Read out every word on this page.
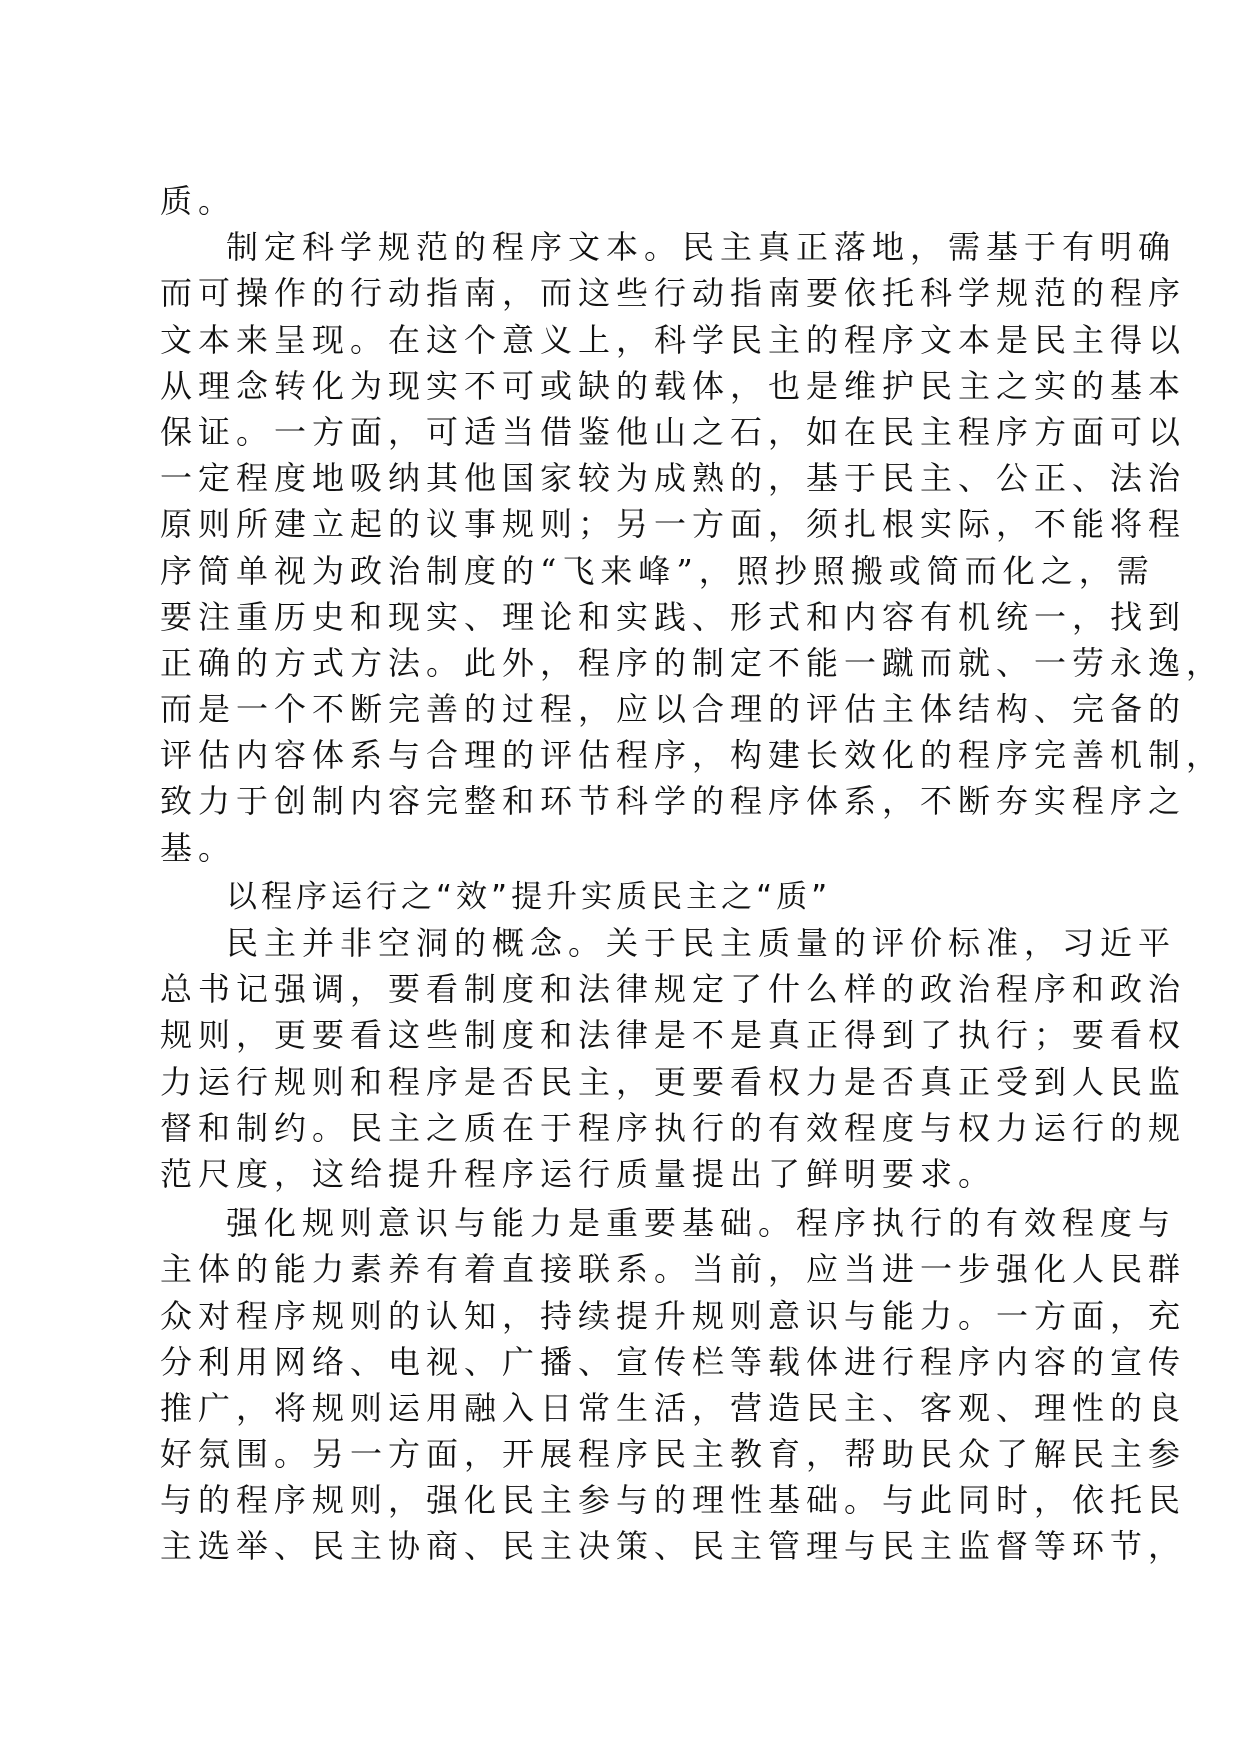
质。
制定科学规范的程序文本。民主真正落地，需基于有明确
而可操作的行动指南，而这些行动指南要依托科学规范的程序
文本来呈现。在这个意义上，科学民主的程序文本是民主得以
从理念转化为现实不可或缺的载体，也是维护民主之实的基本
保证。一方面，可适当借鉴他山之石，如在民主程序方面可以
一定程度地吸纳其他国家较为成熟的，基于民主、公正、法治
原则所建立起的议事规则；另一方面，须扎根实际，不能将程
序简单视为政治制度的“飞来峰”，照抄照搬或简而化之，需
要注重历史和现实、理论和实践、形式和内容有机统一，找到
正确的方式方法。此外，程序的制定不能一蹴而就、一劳永逸，
而是一个不断完善的过程，应以合理的评估主体结构、完备的
评估内容体系与合理的评估程序，构建长效化的程序完善机制，
致力于创制内容完整和环节科学的程序体系，不断夯实程序之
基。
以程序运行之“效”提升实质民主之“质”
民主并非空洞的概念。关于民主质量的评价标准，习近平
总书记强调，要看制度和法律规定了什么样的政治程序和政治
规则，更要看这些制度和法律是不是真正得到了执行；要看权
力运行规则和程序是否民主，更要看权力是否真正受到人民监
督和制约。民主之质在于程序执行的有效程度与权力运行的规
范尺度，这给提升程序运行质量提出了鲜明要求。
强化规则意识与能力是重要基础。程序执行的有效程度与
主体的能力素养有着直接联系。当前，应当进一步强化人民群
众对程序规则的认知，持续提升规则意识与能力。一方面，充
分利用网络、电视、广播、宣传栏等载体进行程序内容的宣传
推广，将规则运用融入日常生活，营造民主、客观、理性的良
好氛围。另一方面，开展程序民主教育，帮助民众了解民主参
与的程序规则，强化民主参与的理性基础。与此同时，依托民
主选举、民主协商、民主决策、民主管理与民主监督等环节，
